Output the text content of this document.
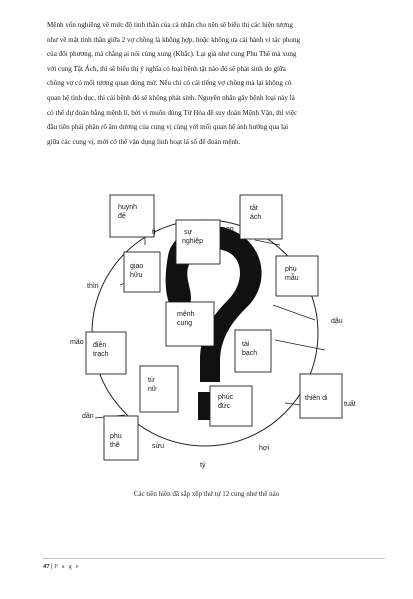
Mệnh vốn nghiêng về mức độ tinh thần của cả nhân cho nên sẽ biểu thị các hiện tượng
như về mặt tinh thần giữa 2 vợ chồng là không hợp, hoặc không ưa cái hành vi tác phong
của đối phương, mà chẳng ai nói cùng xung (Khắc). Lại giả như cung Phu Thê mà xung
với cung Tật Ách, thì sẽ biểu thị ý nghĩa có loại bệnh tật nào đó sẽ phát sinh do giữa
chồng vợ có mối tương quan đóng mở. Nếu chỉ có cái tiếng vợ chồng mà lại không có
quan hệ tình dục, thì cái bệnh đó sẽ không phát sinh. Nguyên nhân gây bệnh loại này là
có thể dự đoán bằng mệnh lí, bởi vì muốn dùng Tứ Hóa để suy đoán Mệnh Vận, thì việc
đầu tiên phải phân rõ âm dương của cung vị cùng với mối quan hệ ảnh hưởng qua lại
giữa các cung vị, mới có thể vận dụng linh hoạt lá số để đoán mệnh.
huynh
đệ
sự
nghiệp
tật
ách
giao
hữu
phụ
mẫu
mệnh
cung
điền
trạch
tài
bạch
tử
nữ
phúc
đức
thiên di
phu
thê
tị	ngọ
thìn
dậu
mão
tuất
dần
sửu
tý
hợi
Các tiên hiền đã sắp xếp thứ tự 12 cung như thế nào
47 | P a g e
